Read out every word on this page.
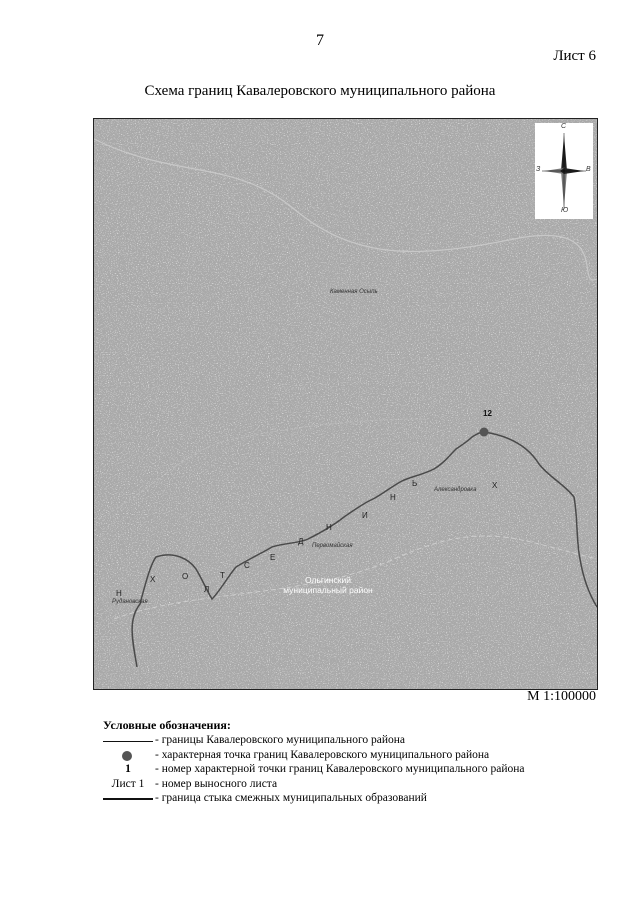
7
Лист 6
Схема границ Кавалеровского муниципального района
С
Ю
З	В
Каменная Осыпь
Рудановская
Первомайская
Александровка
12
Ольгинский муниципальный район
Н
Х	О
Л
Т
С
Е
Д
Н
И
Н
Ь	Х
М 1:100000
Условные обозначения:
- границы Кавалеровского муниципального района
- характерная точка границ Кавалеровского муниципального района
1	- номер характерной точки границ Кавалеровского муниципального района
Лист 1 - номер выносного листа
- граница стыка смежных муниципальных образований
